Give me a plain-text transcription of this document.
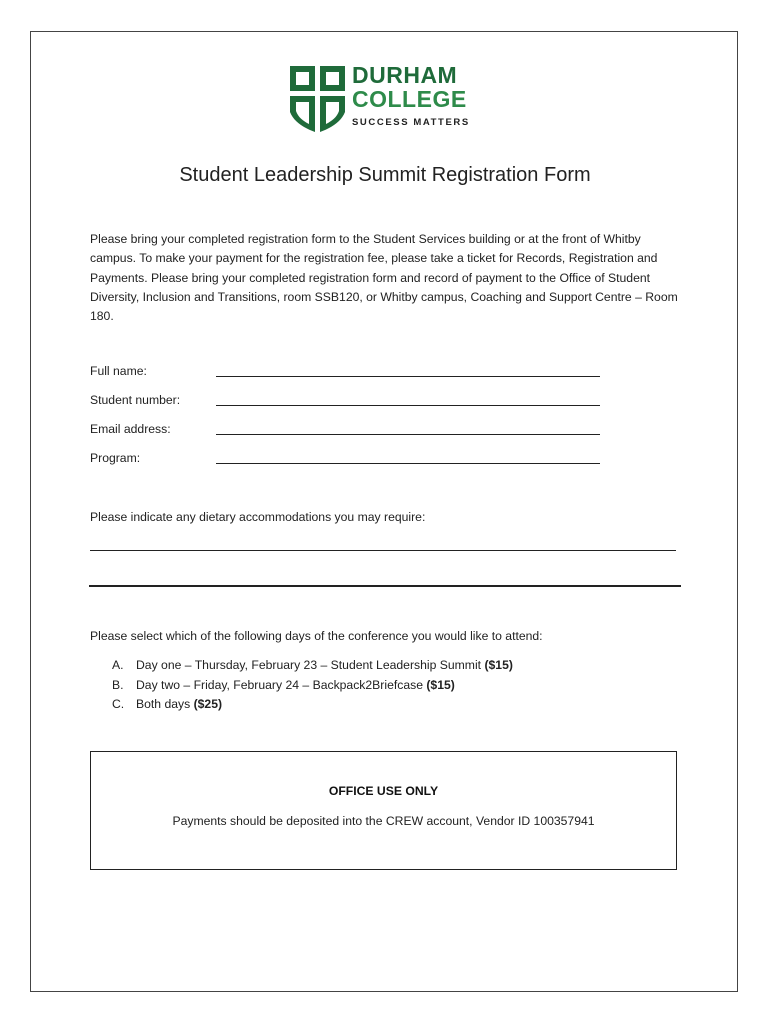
DURHAM
COLLEGE
SUCCESS MATTERS
Student Leadership Summit Registration Form

Please bring your completed registration form to the Student Services building or at the front of Whitby campus. To make your payment for the registration fee, please take a ticket for Records, Registration and Payments. Please bring your completed registration form and record of payment to the Office of Student Diversity, Inclusion and Transitions, room SSB120, or Whitby campus, Coaching and Support Centre – Room 180.

Full name:
Student number:
Email address:
Program:
Please indicate any dietary accommodations you may require:
Please select which of the following days of the conference you would like to attend:
A. Day one – Thursday, February 23 – Student Leadership Summit ($15)
B. Day two – Friday, February 24 – Backpack2Briefcase ($15)
C. Both days ($25)
OFFICE USE ONLY
Payments should be deposited into the CREW account, Vendor ID 100357941
